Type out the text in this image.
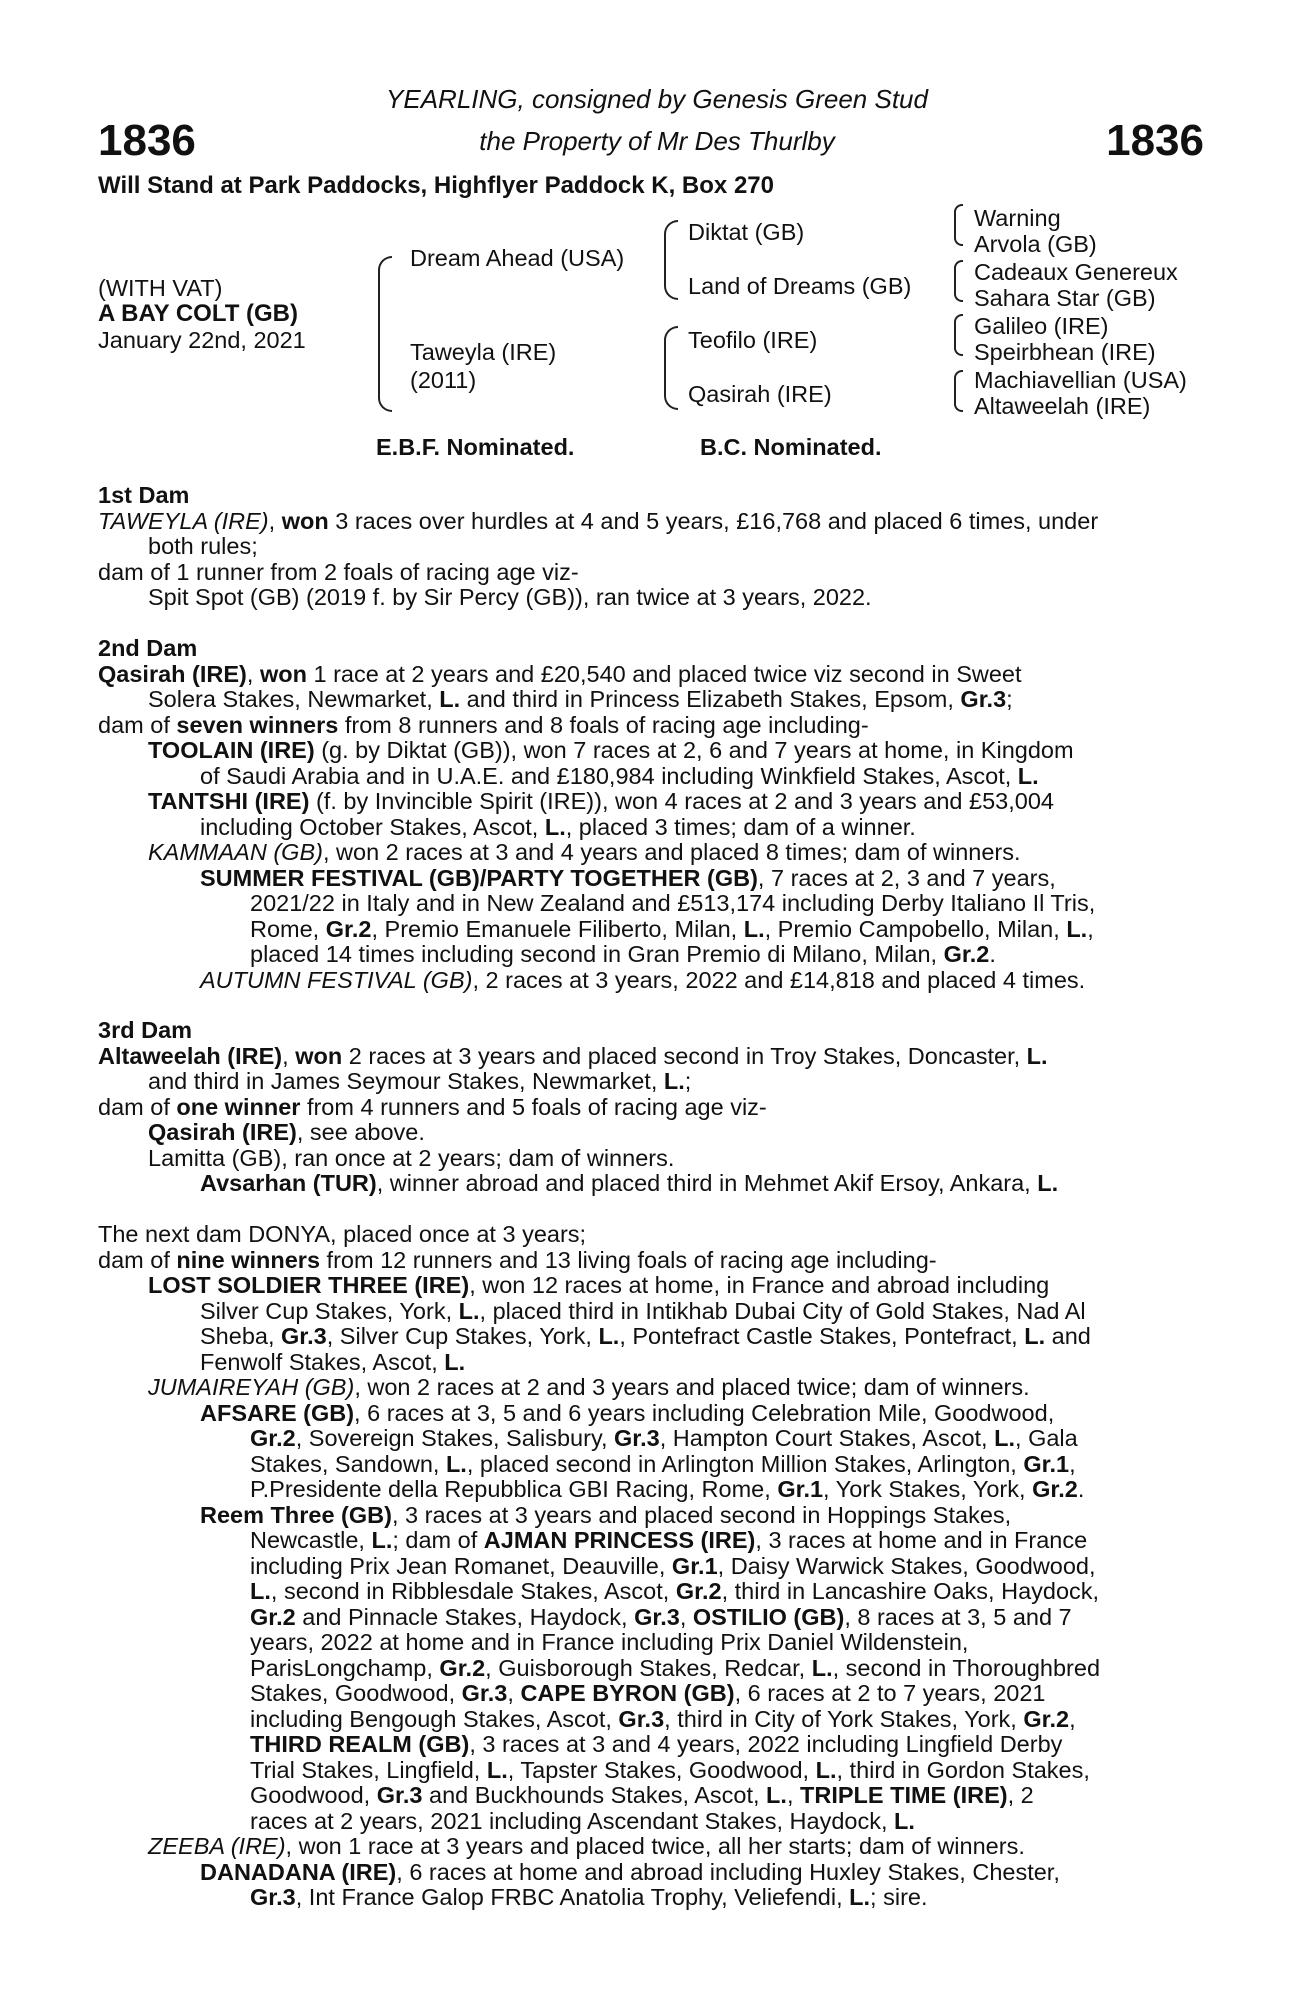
1836	1836
YEARLING, consigned by Genesis Green Stud
the Property of Mr Des Thurlby
Will Stand at Park Paddocks, Highflyer Paddock K, Box 270
(WITH VAT)
A BAY COLT (GB)
January 22nd, 2021
Dream Ahead (USA)
Taweyla (IRE)
(2011)
Diktat (GB)
Land of Dreams (GB)
Teofilo (IRE)
Qasirah (IRE)
Warning
Arvola (GB)
Cadeaux Genereux
Sahara Star (GB)
Galileo (IRE)
Speirbhean (IRE)
Machiavellian (USA)
Altaweelah (IRE)
E.B.F. Nominated.	B.C. Nominated.
1st Dam
TAWEYLA (IRE), won 3 races over hurdles at 4 and 5 years, £16,768 and placed 6 times, under
both rules;
dam of 1 runner from 2 foals of racing age viz-
Spit Spot (GB) (2019 f. by Sir Percy (GB)), ran twice at 3 years, 2022.
2nd Dam
Qasirah (IRE), won 1 race at 2 years and £20,540 and placed twice viz second in Sweet
Solera Stakes, Newmarket, L. and third in Princess Elizabeth Stakes, Epsom, Gr.3;
dam of seven winners from 8 runners and 8 foals of racing age including-
TOOLAIN (IRE) (g. by Diktat (GB)), won 7 races at 2, 6 and 7 years at home, in Kingdom
of Saudi Arabia and in U.A.E. and £180,984 including Winkfield Stakes, Ascot, L.
TANTSHI (IRE) (f. by Invincible Spirit (IRE)), won 4 races at 2 and 3 years and £53,004
including October Stakes, Ascot, L., placed 3 times; dam of a winner.
KAMMAAN (GB), won 2 races at 3 and 4 years and placed 8 times; dam of winners.
SUMMER FESTIVAL (GB)/PARTY TOGETHER (GB), 7 races at 2, 3 and 7 years,
2021/22 in Italy and in New Zealand and £513,174 including Derby Italiano Il Tris,
Rome, Gr.2, Premio Emanuele Filiberto, Milan, L., Premio Campobello, Milan, L.,
placed 14 times including second in Gran Premio di Milano, Milan, Gr.2.
AUTUMN FESTIVAL (GB), 2 races at 3 years, 2022 and £14,818 and placed 4 times.
3rd Dam
Altaweelah (IRE), won 2 races at 3 years and placed second in Troy Stakes, Doncaster, L.
and third in James Seymour Stakes, Newmarket, L.;
dam of one winner from 4 runners and 5 foals of racing age viz-
Qasirah (IRE), see above.
Lamitta (GB), ran once at 2 years; dam of winners.
Avsarhan (TUR), winner abroad and placed third in Mehmet Akif Ersoy, Ankara, L.
The next dam DONYA, placed once at 3 years;
dam of nine winners from 12 runners and 13 living foals of racing age including-
LOST SOLDIER THREE (IRE), won 12 races at home, in France and abroad including
Silver Cup Stakes, York, L., placed third in Intikhab Dubai City of Gold Stakes, Nad Al
Sheba, Gr.3, Silver Cup Stakes, York, L., Pontefract Castle Stakes, Pontefract, L. and
Fenwolf Stakes, Ascot, L.
JUMAIREYAH (GB), won 2 races at 2 and 3 years and placed twice; dam of winners.
AFSARE (GB), 6 races at 3, 5 and 6 years including Celebration Mile, Goodwood,
Gr.2, Sovereign Stakes, Salisbury, Gr.3, Hampton Court Stakes, Ascot, L., Gala
Stakes, Sandown, L., placed second in Arlington Million Stakes, Arlington, Gr.1,
P.Presidente della Repubblica GBI Racing, Rome, Gr.1, York Stakes, York, Gr.2.
Reem Three (GB), 3 races at 3 years and placed second in Hoppings Stakes,
Newcastle, L.; dam of AJMAN PRINCESS (IRE), 3 races at home and in France
including Prix Jean Romanet, Deauville, Gr.1, Daisy Warwick Stakes, Goodwood,
L., second in Ribblesdale Stakes, Ascot, Gr.2, third in Lancashire Oaks, Haydock,
Gr.2 and Pinnacle Stakes, Haydock, Gr.3, OSTILIO (GB), 8 races at 3, 5 and 7
years, 2022 at home and in France including Prix Daniel Wildenstein,
ParisLongchamp, Gr.2, Guisborough Stakes, Redcar, L., second in Thoroughbred
Stakes, Goodwood, Gr.3, CAPE BYRON (GB), 6 races at 2 to 7 years, 2021
including Bengough Stakes, Ascot, Gr.3, third in City of York Stakes, York, Gr.2,
THIRD REALM (GB), 3 races at 3 and 4 years, 2022 including Lingfield Derby
Trial Stakes, Lingfield, L., Tapster Stakes, Goodwood, L., third in Gordon Stakes,
Goodwood, Gr.3 and Buckhounds Stakes, Ascot, L., TRIPLE TIME (IRE), 2
races at 2 years, 2021 including Ascendant Stakes, Haydock, L.
ZEEBA (IRE), won 1 race at 3 years and placed twice, all her starts; dam of winners.
DANADANA (IRE), 6 races at home and abroad including Huxley Stakes, Chester,
Gr.3, Int France Galop FRBC Anatolia Trophy, Veliefendi, L.; sire.
